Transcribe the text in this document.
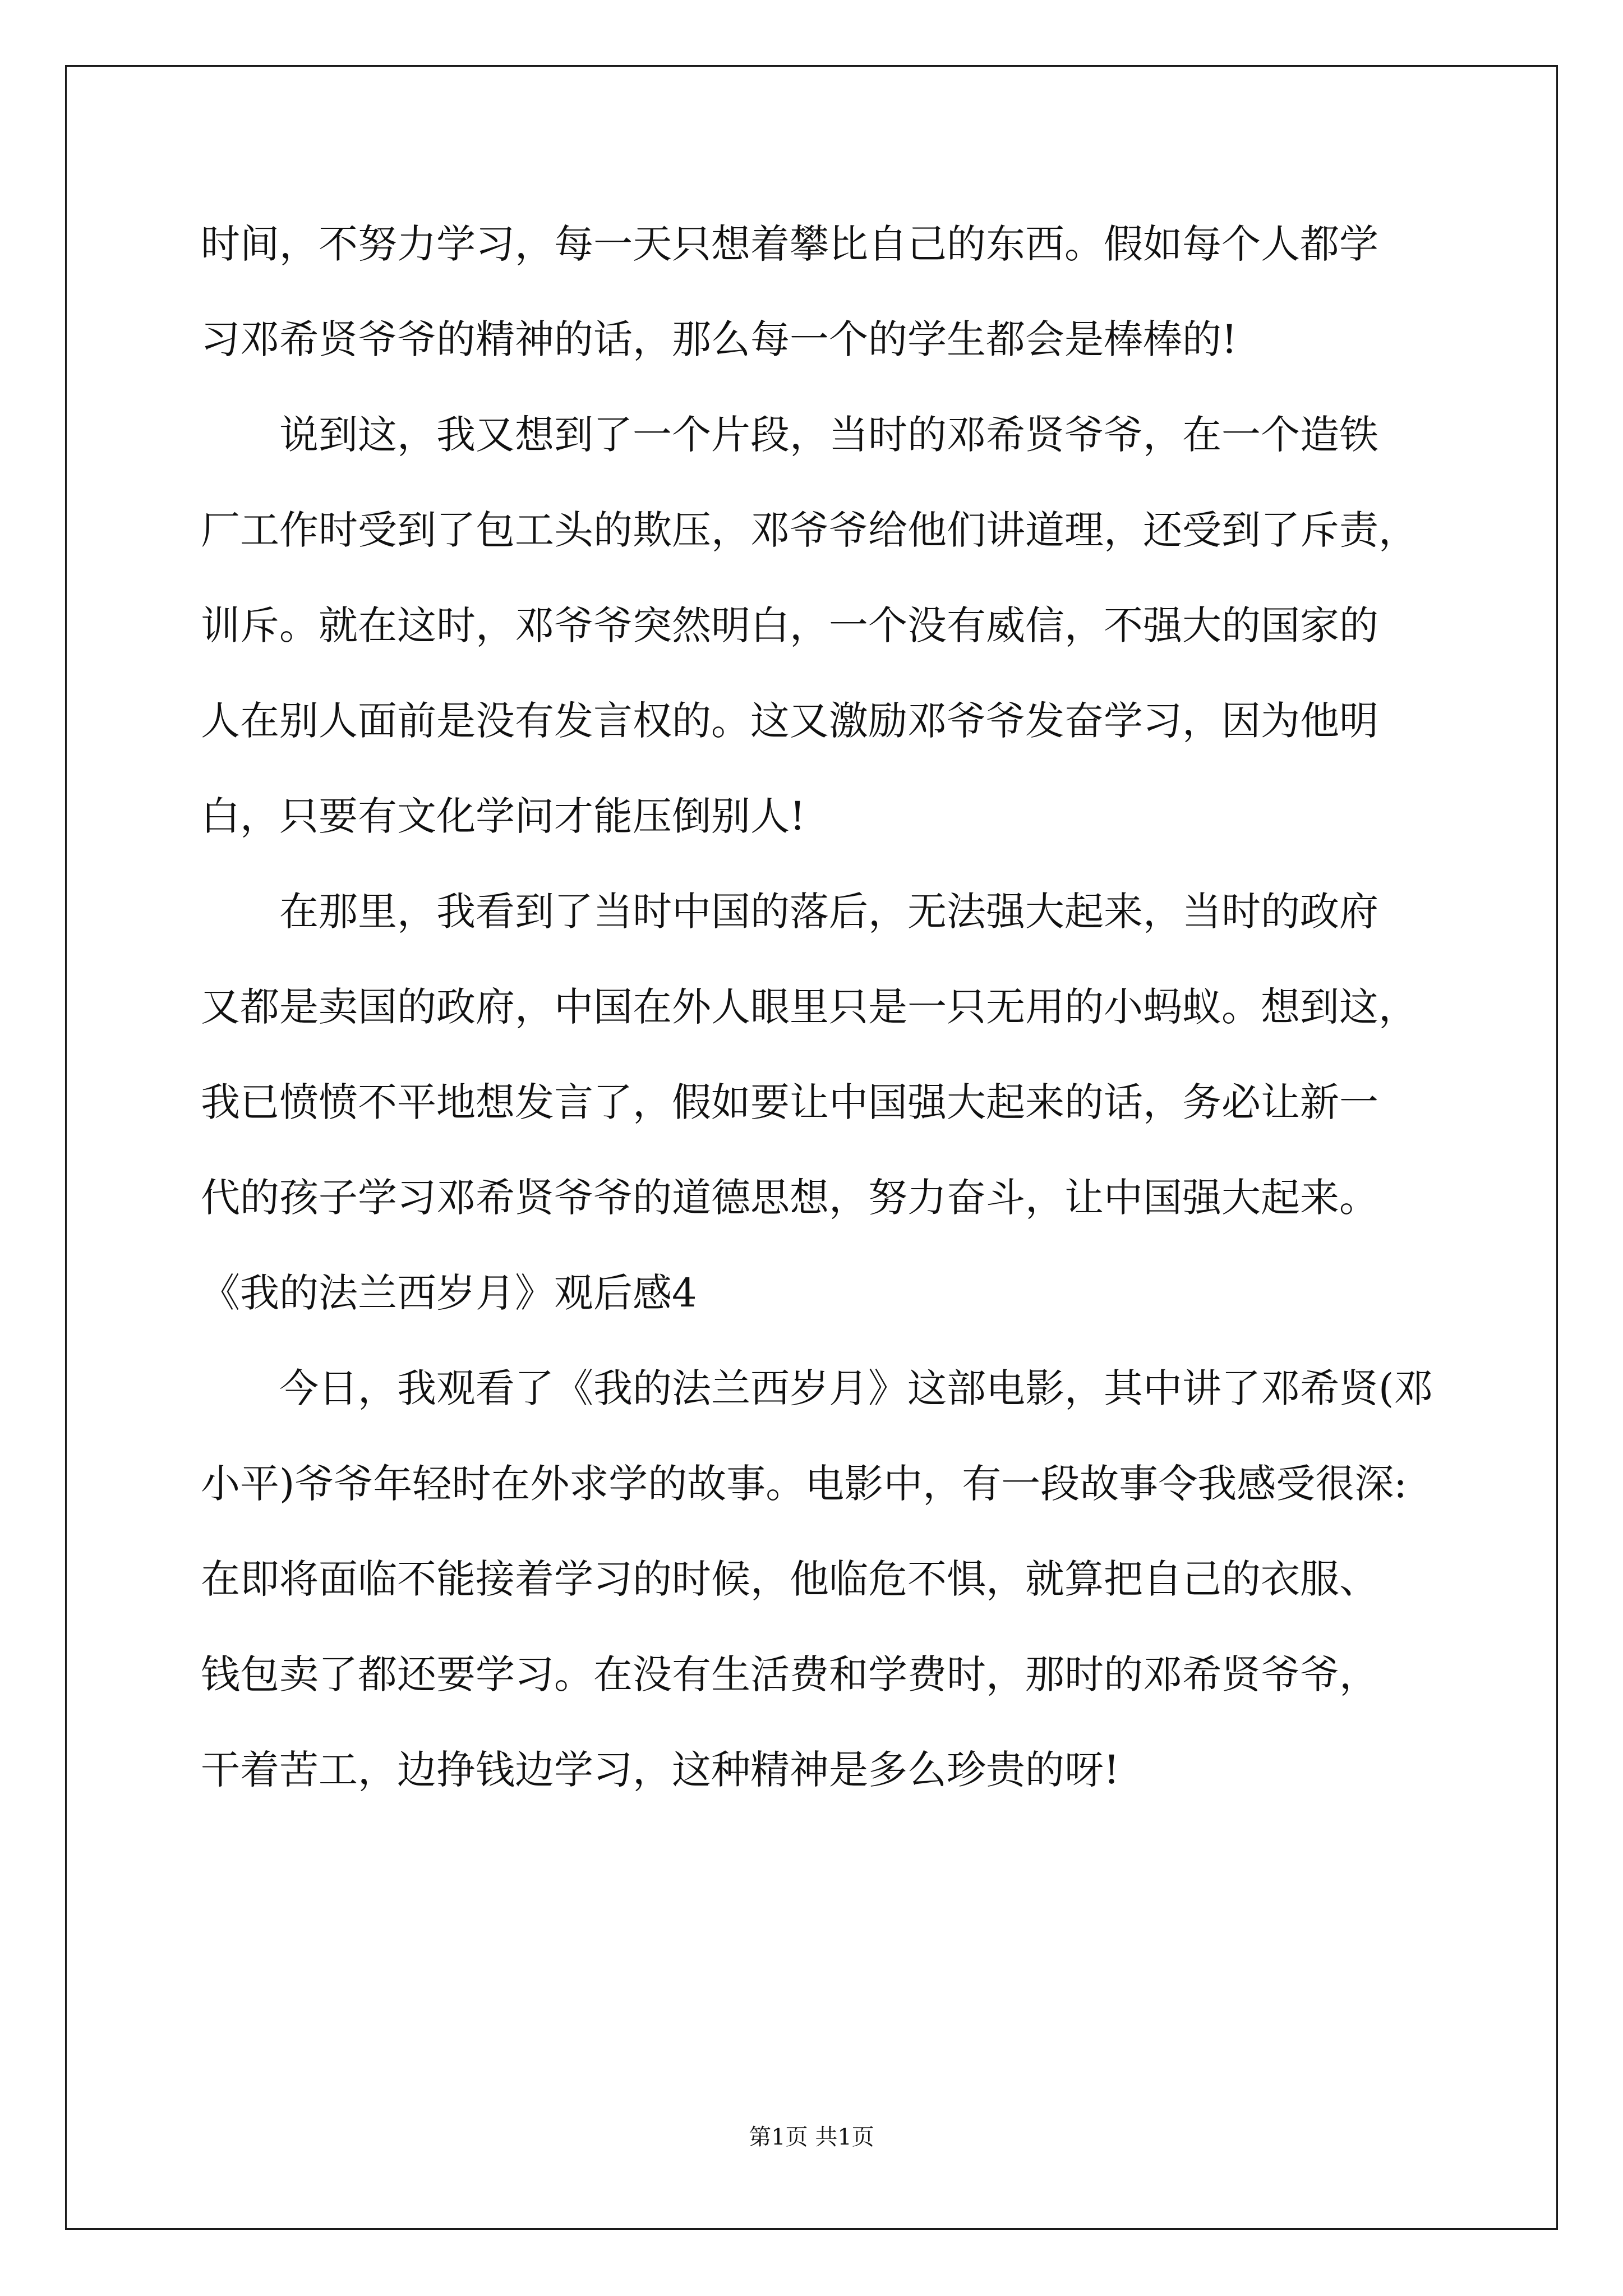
时间，不努力学习，每一天只想着攀比自己的东西。假如每个人都学
习邓希贤爷爷的精神的话，那么每一个的学生都会是棒棒的!
说到这，我又想到了一个片段，当时的邓希贤爷爷，在一个造铁
厂工作时受到了包工头的欺压，邓爷爷给他们讲道理，还受到了斥责，
训斥。就在这时，邓爷爷突然明白，一个没有威信，不强大的国家的
人在别人面前是没有发言权的。这又激励邓爷爷发奋学习，因为他明
白，只要有文化学问才能压倒别人!
在那里，我看到了当时中国的落后，无法强大起来，当时的政府
又都是卖国的政府，中国在外人眼里只是一只无用的小蚂蚁。想到这，
我已愤愤不平地想发言了，假如要让中国强大起来的话，务必让新一
代的孩子学习邓希贤爷爷的道德思想，努力奋斗，让中国强大起来。
《我的法兰西岁月》观后感4
今日，我观看了《我的法兰西岁月》这部电影，其中讲了邓希贤(邓
小平)爷爷年轻时在外求学的故事。电影中，有一段故事令我感受很深:
在即将面临不能接着学习的时候，他临危不惧，就算把自己的衣服、
钱包卖了都还要学习。在没有生活费和学费时，那时的邓希贤爷爷，
干着苦工，边挣钱边学习，这种精神是多么珍贵的呀!
第1页 共1页
